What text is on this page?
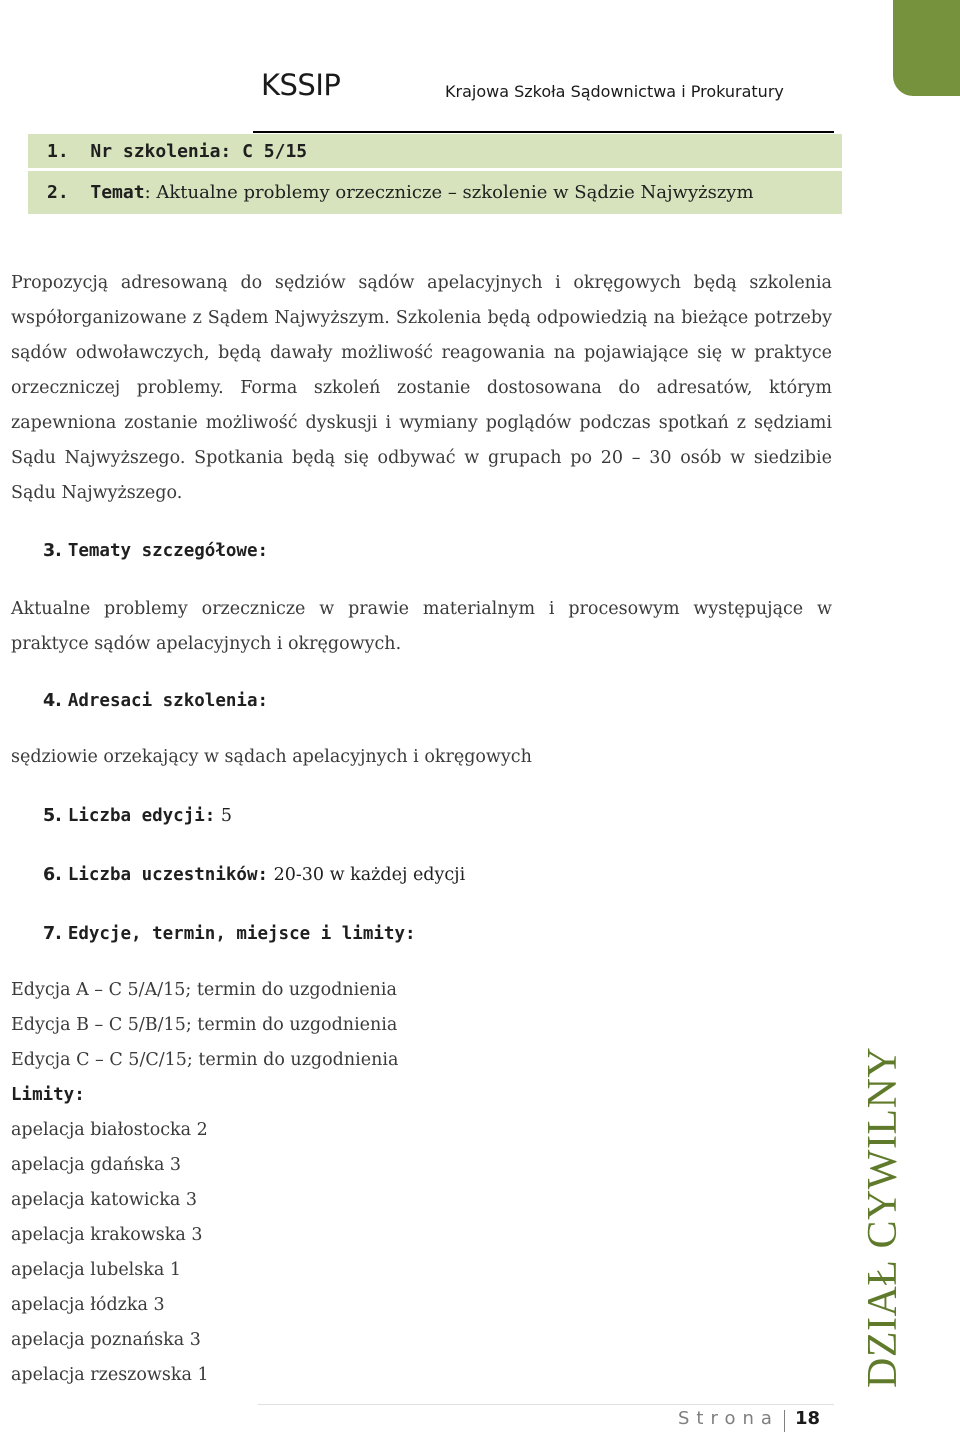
KSSIP	Krajowa Szkoła Sądownictwa i Prokuratury
1. Nr szkolenia: C 5/15
2. Temat: Aktualne problemy orzecznicze – szkolenie w Sądzie Najwyższym
Propozycją adresowaną do sędziów sądów apelacyjnych i okręgowych będą szkolenia współorganizowane z Sądem Najwyższym. Szkolenia będą odpowiedzią na bieżące potrzeby sądów odwoławczych, będą dawały możliwość reagowania na pojawiające się w praktyce orzeczniczej problemy. Forma szkoleń zostanie dostosowana do adresatów, którym zapewniona zostanie możliwość dyskusji i wymiany poglądów podczas spotkań z sędziami Sądu Najwyższego. Spotkania będą się odbywać w grupach po 20 – 30 osób w siedzibie Sądu Najwyższego.
3. Tematy szczegółowe:
Aktualne problemy orzecznicze w prawie materialnym i procesowym występujące w praktyce sądów apelacyjnych i okręgowych.
4. Adresaci szkolenia:
sędziowie orzekający w sądach apelacyjnych i okręgowych
5. Liczba edycji: 5
6. Liczba uczestników: 20-30 w każdej edycji
7. Edycje, termin, miejsce i limity:
Edycja A – C 5/A/15; termin do uzgodnienia
Edycja B – C 5/B/15; termin do uzgodnienia
Edycja C – C 5/C/15; termin do uzgodnienia
Limity:
apelacja białostocka 2
apelacja gdańska 3
apelacja katowicka 3
apelacja krakowska 3
apelacja lubelska 1
apelacja łódzka 3
apelacja poznańska 3
apelacja rzeszowska 1	DZIAŁ CYWILNY
Strona 18
